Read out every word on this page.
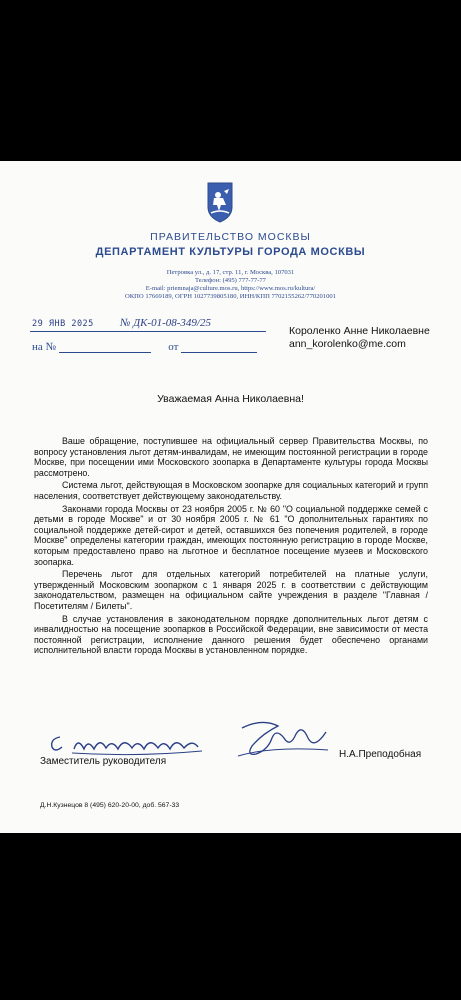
ПРАВИТЕЛЬСТВО МОСКВЫ
ДЕПАРТАМЕНТ КУЛЬТУРЫ ГОРОДА МОСКВЫ
Петровка ул., д. 17, стр. 11, г. Москва, 107031
Телефон: (495) 777-77-77
E-mail: priemnaja@culture.mos.ru, https://www.mos.ru/kultura/
ОКПО 17669189, ОГРН 1027739805180, ИНН/КПП 7702155262/770201001
29 ЯНВ 2025 № ДК-01-08-349/25
на №	от
Короленко Анне Николаевне
ann_korolenko@me.com
Уважаемая Анна Николаевна!

Ваше обращение, поступившее на официальный сервер Правительства Москвы, по вопросу установления льгот детям-инвалидам, не имеющим постоянной регистрации в городе Москве, при посещении ими Московского зоопарка в Департаменте культуры города Москвы рассмотрено.

Система льгот, действующая в Московском зоопарке для социальных категорий и групп населения, соответствует действующему законодательству.

Законами города Москвы от 23 ноября 2005 г. № 60 "О социальной поддержке семей с детьми в городе Москве" и от 30 ноября 2005 г. № 61 "О дополнительных гарантиях по социальной поддержке детей-сирот и детей, оставшихся без попечения родителей, в городе Москве" определены категории граждан, имеющих постоянную регистрацию в городе Москве, которым предоставлено право на льготное и бесплатное посещение музеев и Московского зоопарка.

Перечень льгот для отдельных категорий потребителей на платные услуги, утвержденный Московским зоопарком с 1 января 2025 г. в соответствии с действующим законодательством, размещен на официальном сайте учреждения в разделе "Главная / Посетителям / Билеты".

В случае установления в законодательном порядке дополнительных льгот детям с инвалидностью на посещение зоопарков в Российской Федерации, вне зависимости от места постоянной регистрации, исполнение данного решения будет обеспечено органами исполнительной власти города Москвы в установленном порядке.

Заместитель руководителя
Н.А.Преподобная
Д.Н.Кузнецов 8 (495) 620-20-00, доб. 567-33
